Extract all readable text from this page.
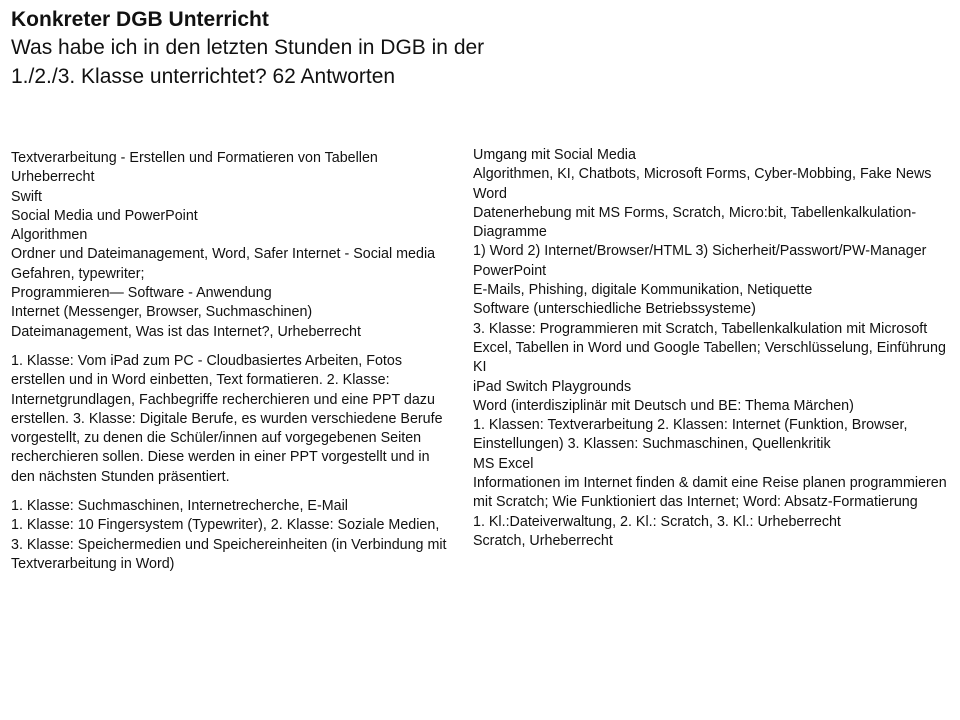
Konkreter DGB Unterricht
Was habe ich in den letzten Stunden in DGB in der 1./2./3. Klasse unterrichtet? 62 Antworten
Textverarbeitung - Erstellen und Formatieren von Tabellen
Urheberrecht
Swift
Social Media und PowerPoint
Algorithmen
Ordner und Dateimanagement, Word, Safer Internet - Social media Gefahren, typewriter;
Programmieren— Software - Anwendung
Internet (Messenger, Browser, Suchmaschinen)
Dateimanagement, Was ist das Internet?, Urheberrecht
1. Klasse: Vom iPad zum PC - Cloudbasiertes Arbeiten, Fotos erstellen und in Word einbetten, Text formatieren. 2. Klasse: Internetgrundlagen, Fachbegriffe recherchieren und eine PPT dazu erstellen. 3. Klasse: Digitale Berufe, es wurden verschiedene Berufe vorgestellt, zu denen die Schüler/innen auf vorgegebenen Seiten recherchieren sollen. Diese werden in einer PPT vorgestellt und in den nächsten Stunden präsentiert.
1. Klasse: Suchmaschinen, Internetrecherche, E-Mail
1. Klasse: 10 Fingersystem (Typewriter), 2. Klasse: Soziale Medien, 3. Klasse: Speichermedien und Speichereinheiten (in Verbindung mit Textverarbeitung in Word)
Umgang mit Social Media
Algorithmen, KI, Chatbots, Microsoft Forms, Cyber-Mobbing, Fake News
Word
Datenerhebung mit MS Forms, Scratch, Micro:bit, Tabellenkalkulation-Diagramme
1) Word 2) Internet/Browser/HTML 3) Sicherheit/Passwort/PW-Manager
PowerPoint
E-Mails, Phishing, digitale Kommunikation, Netiquette
Software (unterschiedliche Betriebssysteme)
3. Klasse: Programmieren mit Scratch, Tabellenkalkulation mit Microsoft Excel, Tabellen in Word und Google Tabellen; Verschlüsselung, Einführung KI
iPad Switch Playgrounds
Word (interdisziplinär mit Deutsch und BE: Thema Märchen)
1. Klassen: Textverarbeitung 2. Klassen: Internet (Funktion, Browser, Einstellungen) 3. Klassen: Suchmaschinen, Quellenkritik
MS Excel
Informationen im Internet finden & damit eine Reise planen programmieren mit Scratch; Wie Funktioniert das Internet; Word: Absatz-Formatierung
1. Kl.:Dateiverwaltung, 2. Kl.: Scratch, 3. Kl.: Urheberrecht
Scratch, Urheberrecht
